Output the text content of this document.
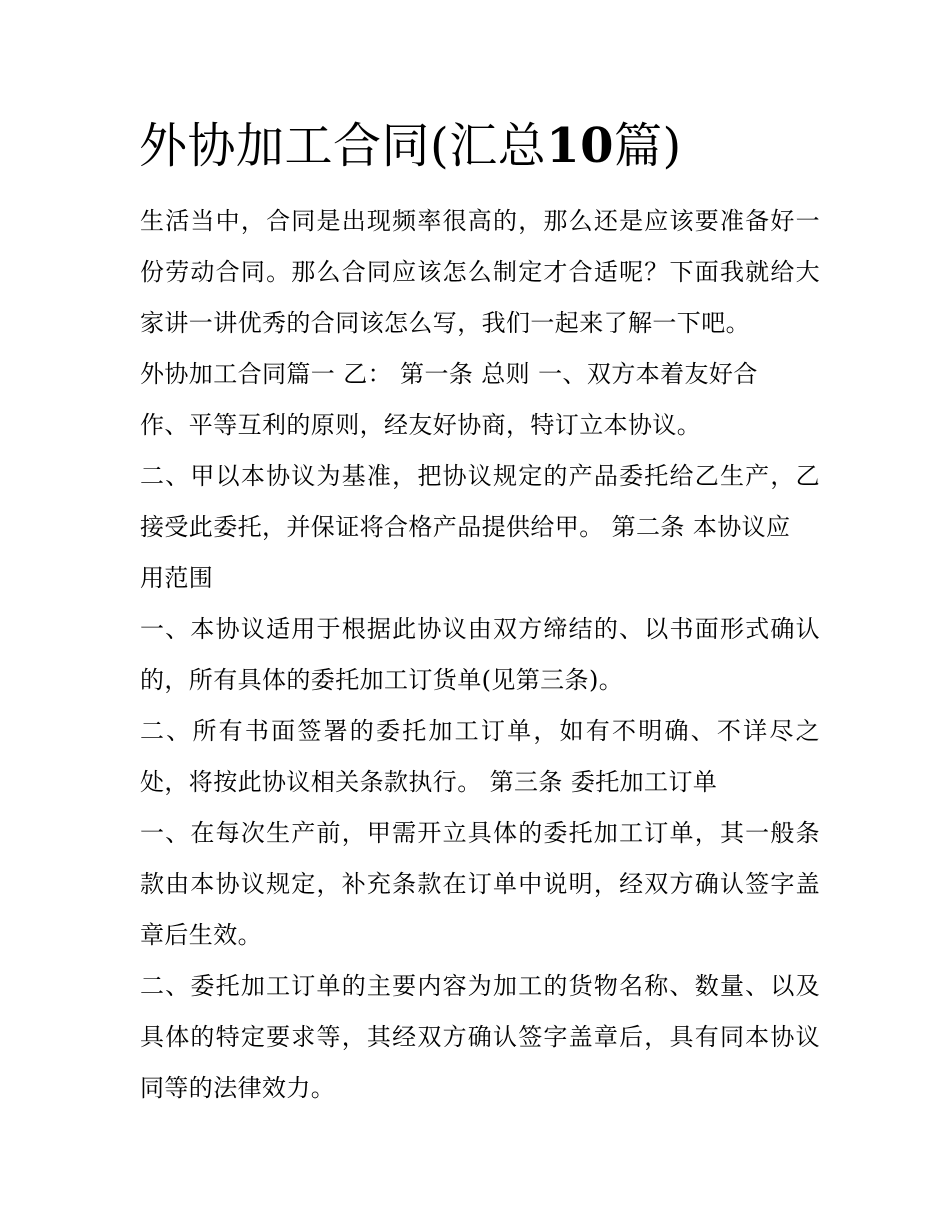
外协加工合同(汇总10篇)

生活当中，合同是出现频率很高的，那么还是应该要准备好一份劳动合同。那么合同应该怎么制定才合适呢？下面我就给大家讲一讲优秀的合同该怎么写，我们一起来了解一下吧。

外协加工合同篇一 乙： 第一条 总则 一、双方本着友好合

作、平等互利的原则，经友好协商，特订立本协议。

二、甲以本协议为基准，把协议规定的产品委托给乙生产，乙接受此委托，并保证将合格产品提供给甲。 第二条 本协议应

用范围

一、本协议适用于根据此协议由双方缔结的、以书面形式确认的，所有具体的委托加工订货单(见第三条)。

二、所有书面签署的委托加工订单，如有不明确、不详尽之处，将按此协议相关条款执行。 第三条 委托加工订单

一、在每次生产前，甲需开立具体的委托加工订单，其一般条款由本协议规定，补充条款在订单中说明，经双方确认签字盖章后生效。

二、委托加工订单的主要内容为加工的货物名称、数量、以及具体的特定要求等，其经双方确认签字盖章后，具有同本协议同等的法律效力。
